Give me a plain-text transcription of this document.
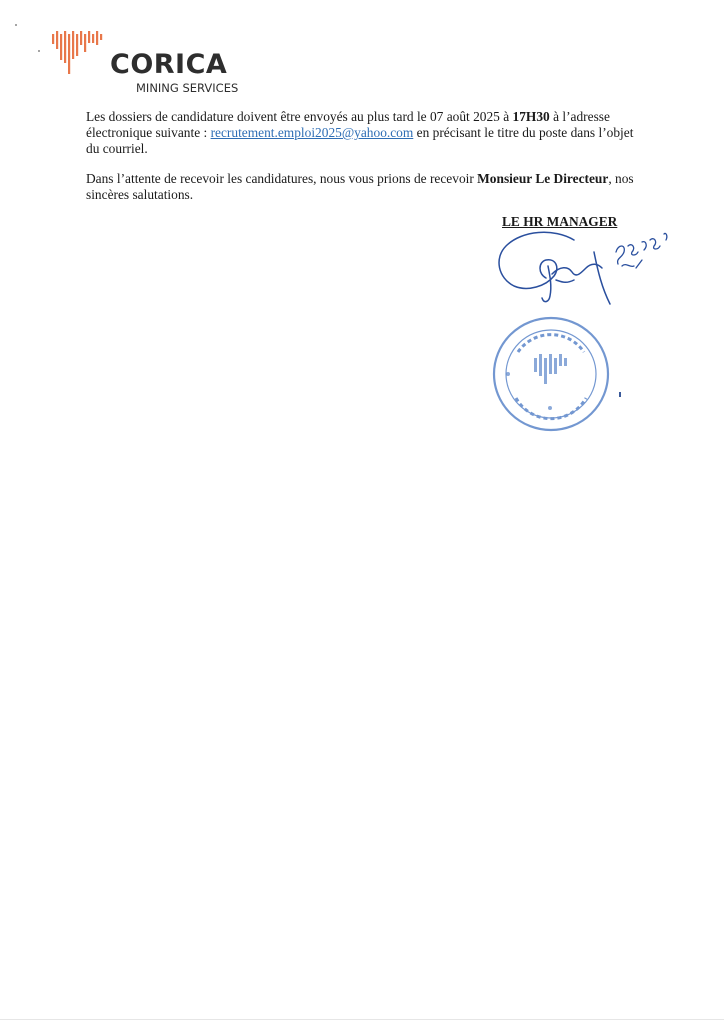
CORICA
MINING SERVICES

Les dossiers de candidature doivent être envoyés au plus tard le 07 août 2025 à 17H30 à l’adresse électronique suivante : recrutement.emploi2025@yahoo.com en précisant le titre du poste dans l’objet du courriel.

Dans l’attente de recevoir les candidatures, nous vous prions de recevoir Monsieur Le Directeur, nos sincères salutations.

LE HR MANAGER
